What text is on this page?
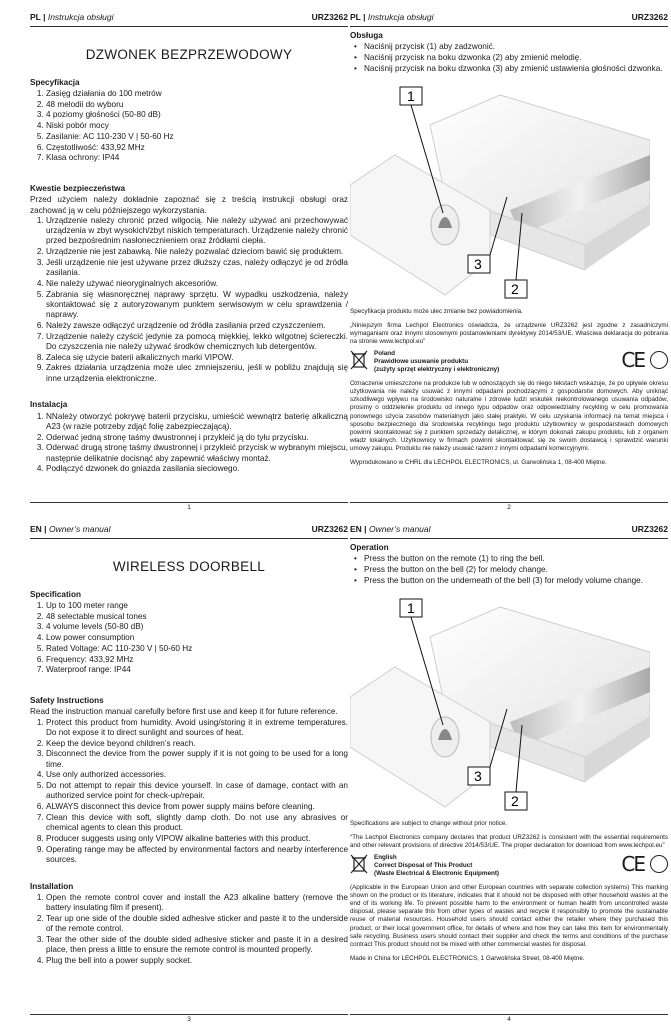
PL | Instrukcja obsługi	URZ3262
DZWONEK BEZPRZEWODOWY
Specyfikacja
1. Zasięg działania do 100 metrów
2. 48 melodii do wyboru
3. 4 poziomy głośności (50-80 dB)
4. Niski pobór mocy
5. Zasilanie: AC 110-230 V | 50-60 Hz
6. Częstotliwość: 433,92 MHz
7. Klasa ochrony: IP44
Kwestie bezpieczeństwa

Przed użyciem należy dokładnie zapoznać się z treścią instrukcji obsługi oraz zachować ją w celu późniejszego wykorzystania.

1. Urządzenie należy chronić przed wilgocią. Nie należy używać ani przechowywać urządzenia w zbyt wysokich/zbyt niskich temperaturach. Urządzenie należy chronić przed bezpośrednim nasłonecznieniem oraz źródłami ciepła.
2. Urządzenie nie jest zabawką. Nie należy pozwalać dzieciom bawić się produktem.
3. Jeśli urządzenie nie jest używane przez dłuższy czas, należy odłączyć je od źródła zasilania.
4. Nie należy używać nieoryginalnych akcesoriów.
5. Zabrania się własnoręcznej naprawy sprzętu. W wypadku uszkodzenia, należy skontaktować się z autoryzowanym punktem serwisowym w celu sprawdzenia / naprawy.
6. Należy zawsze odłączyć urządzenie od źródła zasilania przed czyszczeniem.
7. Urządzenie należy czyścić jedynie za pomocą miękkiej, lekko wilgotnej ściereczki. Do czyszczenia nie należy używać środków chemicznych lub detergentów.
8. Zaleca się użycie baterii alkalicznych marki VIPOW.
9. Zakres działania urządzenia może ulec zmniejszeniu, jeśli w pobliżu znajdują się inne urządzenia elektroniczne.
Instalacja
1. NNależy otworzyć pokrywę baterii przycisku, umieścić wewnątrz baterię alkaliczną A23 (w razie potrzeby zdjąć folię zabezpieczającą).
2. Oderwać jedną stronę taśmy dwustronnej i przykleić ją do tyłu przycisku.
3. Oderwać drugą stronę taśmy dwustronnej i przykleić przycisk w wybranym miejscu, następnie delikatnie docisnąć aby zapewnić właściwy montaż.
4. Podłączyć dzwonek do gniazda zasilania sieciowego.
1
PL | Instrukcja obsługi	URZ3262
Obsługa
• Naciśnij przycisk (1) aby zadzwonić.
• Naciśnij przycisk na boku dzwonka (2) aby zmienić melodię.
• Naciśnij przycisk na boku dzwonka (3) aby zmienić ustawienia głośności dzwonka.
1
3
2

Specyfikacja produktu może ulec zmianie bez powiadomienia.

„Niniejszym firma Lechpol Electronics oświadcza, że urządzenie URZ3262 jest zgodne z zasadniczymi wymaganiami oraz innymi stosownymi postanowieniami dyrektywy 2014/53/UE. Właściwa deklaracja do pobrania na stronie www.lechpol.eu”

Poland
Prawidłowe usuwanie produktu
(zużyty sprzęt elektryczny i elektroniczny)	CE

Oznaczenie umieszczone na produkcie lub w odnoszących się do niego tekstach wskazuje, że po upływie okresu użytkowania nie należy usuwać z innymi odpadami pochodzącymi z gospodarstw domowych. Aby uniknąć szkodliwego wpływu na środowisko naturalne i zdrowie ludzi wskutek niekontrolowanego usuwania odpadów, prosimy o oddzielenie produktu od innego typu odpadów oraz odpowiedzialny recykling w celu promowania ponownego użycia zasobów materialnych jako stałej praktyki. W celu uzyskania informacji na temat miejsca i sposobu bezpiecznego dla środowiska recyklingu tego produktu użytkownicy w gospodarstwach domowych powinni skontaktować się z punktem sprzedaży detalicznej, w którym dokonali zakupu produktu, lub z organem władz lokalnych. Użytkownicy w firmach powinni skontaktować się ze swoim dostawcą i sprawdzić warunki umowy zakupu. Produktu nie należy usuwać razem z innymi odpadami komercyjnymi.

Wyprodukowano w CHRL dla LECHPOL ELECTRONICS, ul. Garwolińska 1, 08-400 Miętne.

2
EN | Owner’s manual	URZ3262
WIRELESS DOORBELL
Specification
1. Up to 100 meter range
2. 48 selectable musical tones
3. 4 volume levels (50-80 dB)
4. Low power consumption
5. Rated Voltage: AC 110-230 V | 50-60 Hz
6. Frequency: 433,92 MHz
7. Waterproof range: IP44
Safety Instructions

Read the instruction manual carefully before first use and keep it for future reference.

1. Protect this product from humidity. Avoid using/storing it in extreme temperatures. Do not expose it to direct sunlight and sources of heat.
2. Keep the device beyond children’s reach.
3. Disconnect the device from the power supply if it is not going to be used for a long time.
4. Use only authorized accessories.
5. Do not attempt to repair this device yourself. In case of damage, contact with an authorized service point for check-up/repair.
6. ALWAYS disconnect this device from power supply mains before cleaning.
7. Clean this device with soft, slightly damp cloth. Do not use any abrasives or chemical agents to clean this product.
8. Producer suggests using only VIPOW alkaline batteries with this product.
9. Operating range may be affected by environmental factors and nearby interference sources.
Installation
1. Open the remote control cover and install the A23 alkaline battery (remove the battery insulating film if present).
2. Tear up one side of the double sided adhesive sticker and paste it to the underside of the remote control.
3. Tear the other side of the double sided adhesive sticker and paste it in a desired place, then press a little to ensure the remote control is mounted properly.
4. Plug the bell into a power supply socket.
3
EN | Owner’s manual	URZ3262
Operation
• Press the button on the remote (1) to ring the bell.
• Press the button on the bell (2) for melody change.
• Press the button on the underneath of the bell (3) for melody volume change.
1
3
2

Specifications are subject to change without prior notice.

“The Lechpol Electronics company declares that product URZ3262 is consistent with the essential requirements and other relevant provisions of directive 2014/53/UE. The proper declaration for download from www.lechpol.eu”

English
Correct Disposal of This Product
(Waste Electrical & Electronic Equipment)	CE

(Applicable in the European Union and other European countries with separate collection systems) This marking shown on the product or its literature, indicates that it should not be disposed with other household wastes at the end of its working life. To prevent possible harm to the environment or human health from uncontrolled waste disposal, please separate this from other types of wastes and recycle it responsibly to promote the sustainable reuse of material resources. Household users should contact either the retailer where they purchased this product, or their local government office, for details of where and how they can take this item for environmentally safe recycling. Business users should contact their supplier and check the terms and conditions of the purchase contract This product should not be mixed with other commercial wastes for disposal.

Made in China for LECHPOL ELECTRONICS, 1 Garwolińska Street, 08-400 Miętne.

4
